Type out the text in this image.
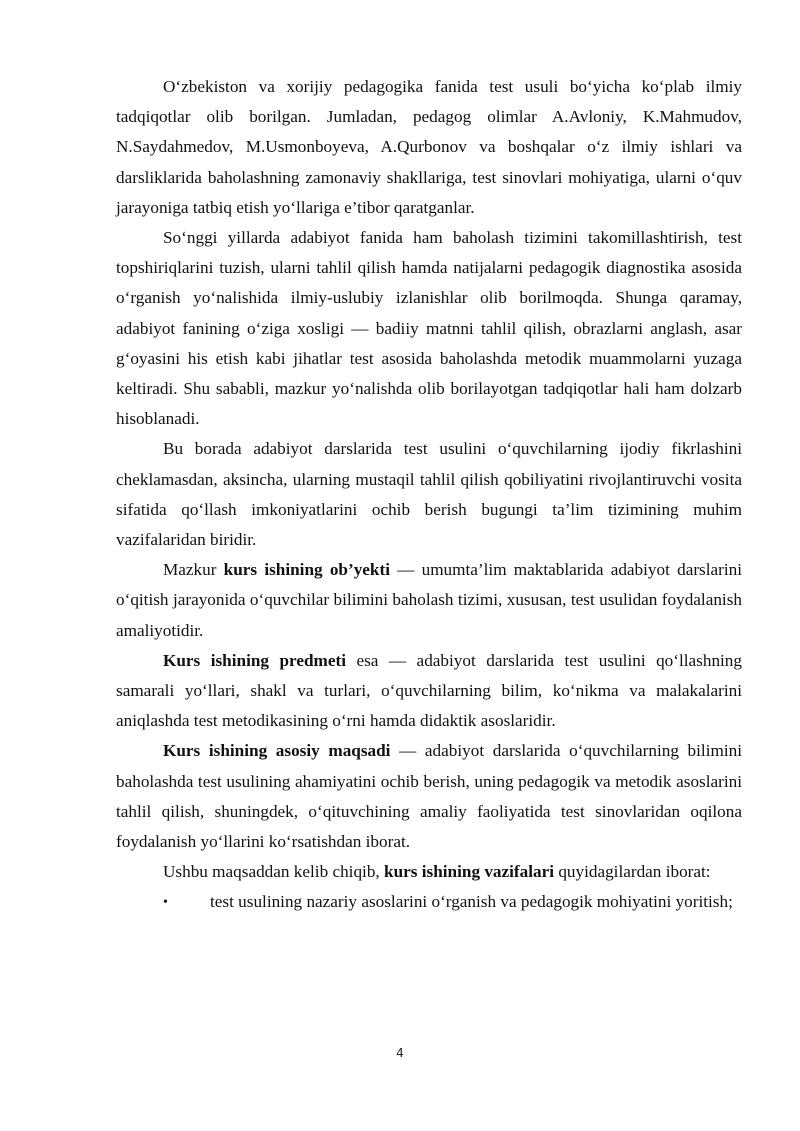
O‘zbekiston va xorijiy pedagogika fanida test usuli bo‘yicha ko‘plab ilmiy tadqiqotlar olib borilgan. Jumladan, pedagog olimlar A.Avloniy, K.Mahmudov, N.Saydahmedov, M.Usmonboyeva, A.Qurbonov va boshqalar o‘z ilmiy ishlari va darsliklarida baholashning zamonaviy shakllariga, test sinovlari mohiyatiga, ularni o‘quv jarayoniga tatbiq etish yo‘llariga e’tibor qaratganlar.

So‘nggi yillarda adabiyot fanida ham baholash tizimini takomillashtirish, test topshiriqlarini tuzish, ularni tahlil qilish hamda natijalarni pedagogik diagnostika asosida o‘rganish yo‘nalishida ilmiy-uslubiy izlanishlar olib borilmoqda. Shunga qaramay, adabiyot fanining o‘ziga xosligi — badiiy matnni tahlil qilish, obrazlarni anglash, asar g‘oyasini his etish kabi jihatlar test asosida baholashda metodik muammolarni yuzaga keltiradi. Shu sababli, mazkur yo‘nalishda olib borilayotgan tadqiqotlar hali ham dolzarb hisoblanadi.

Bu borada adabiyot darslarida test usulini o‘quvchilarning ijodiy fikrlashini cheklamasdan, aksincha, ularning mustaqil tahlil qilish qobiliyatini rivojlantiruvchi vosita sifatida qo‘llash imkoniyatlarini ochib berish bugungi ta’lim tizimining muhim vazifalaridan biridir.

Mazkur kurs ishining ob’yekti — umumta’lim maktablarida adabiyot darslarini o‘qitish jarayonida o‘quvchilar bilimini baholash tizimi, xususan, test usulidan foydalanish amaliyotidir.

Kurs ishining predmeti esa — adabiyot darslarida test usulini qo‘llashning samarali yo‘llari, shakl va turlari, o‘quvchilarning bilim, ko‘nikma va malakalarini aniqlashda test metodikasining o‘rni hamda didaktik asoslaridir.

Kurs ishining asosiy maqsadi — adabiyot darslarida o‘quvchilarning bilimini baholashda test usulining ahamiyatini ochib berish, uning pedagogik va metodik asoslarini tahlil qilish, shuningdek, o‘qituvchining amaliy faoliyatida test sinovlaridan oqilona foydalanish yo‘llarini ko‘rsatishdan iborat.

Ushbu maqsaddan kelib chiqib, kurs ishining vazifalari quyidagilardan iborat:

• test usulining nazariy asoslarini o‘rganish va pedagogik mohiyatini yoritish;

4
